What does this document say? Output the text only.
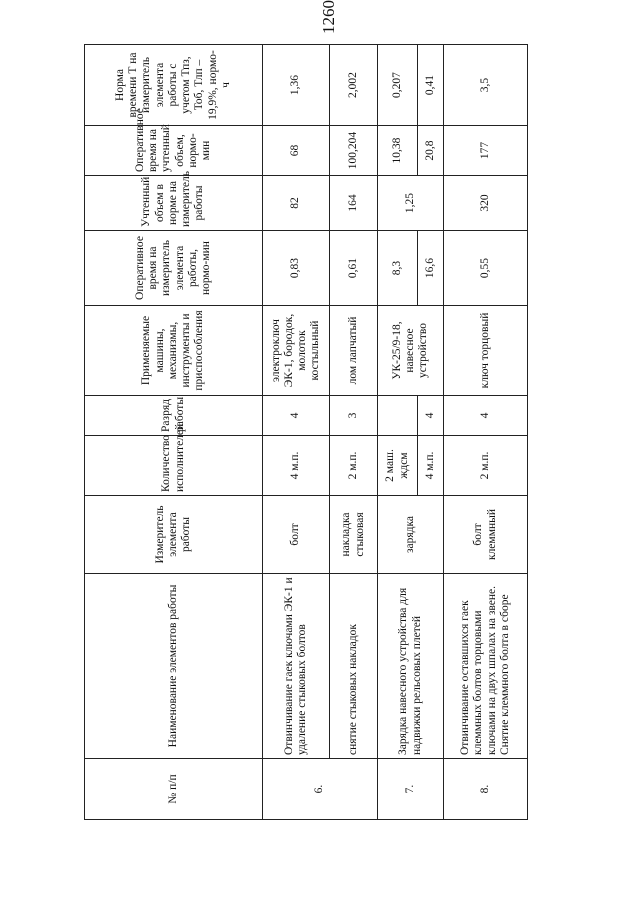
1260
№ п/п	Наименование элементов работы	Измеритель элемента работы	Количество исполнителей	Разряд работы	Применяемые машины, механизмы, инструменты и приспособления	Оперативное время на измеритель элемента работы, нормо-мин	Учтенный объем в норме на измеритель работы	Оперативное время на учтенный объем, нормо-мин	Норма времени Т на измеритель элемента работы с учетом Тпз, Тоб, Тлп – 19,9%, нормо-ч
6.	Отвинчивание гаек ключами ЭК-1 и удаление стыковых болтов	болт	4 м.п.	4	электроключ ЭК-1, бородок, молоток костыльный	0,83	82	68	1,36
	снятие стыковых накладок	накладка стыковая	2 м.п.	3	лом лапчатый	0,61	164	100,204	2,002
7.	Зарядка навесного устройства для надвижки рельсовых плетей	зарядка	2 маш. ждсм		УК-25/9-18, навесное устройство	8,3	1,25	10,38	0,207
			4 м.п.	4		16,6		20,8	0,41
8.	Отвинчивание оставшихся гаек клеммных болтов торцовыми ключами на двух шпалах на звене. Снятие клеммного болта в сборе	болт клеммный	2 м.п.	4	ключ торцовый	0,55	320	177	3,5
